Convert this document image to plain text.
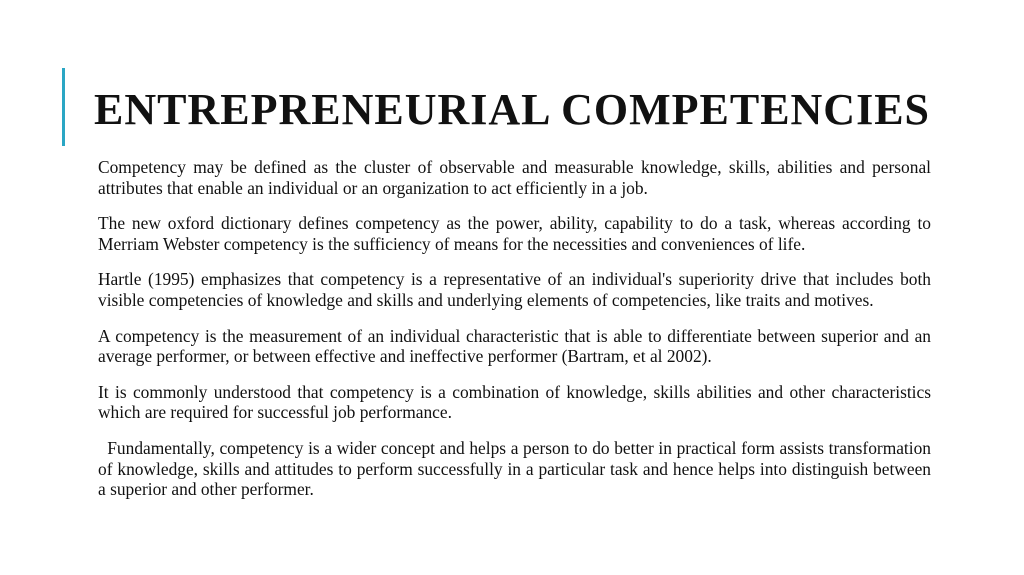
ENTREPRENEURIAL COMPETENCIES

Competency may be defined as the cluster of observable and measurable knowledge, skills, abilities and personal attributes that enable an individual or an organization to act efficiently in a job.

The new oxford dictionary defines competency as the power, ability, capability to do a task, whereas according to Merriam Webster competency is the sufficiency of means for the necessities and conveniences of life.

Hartle (1995) emphasizes that competency is a representative of an individual's superiority drive that includes both visible competencies of knowledge and skills and underlying elements of competencies, like traits and motives.

A competency is the measurement of an individual characteristic that is able to differentiate between superior and an average performer, or between effective and ineffective performer (Bartram, et al 2002).

It is commonly understood that competency is a combination of knowledge, skills abilities and other characteristics which are required for successful job performance.

Fundamentally, competency is a wider concept and helps a person to do better in practical form assists transformation of knowledge, skills and attitudes to perform successfully in a particular task and hence helps into distinguish between a superior and other performer.
